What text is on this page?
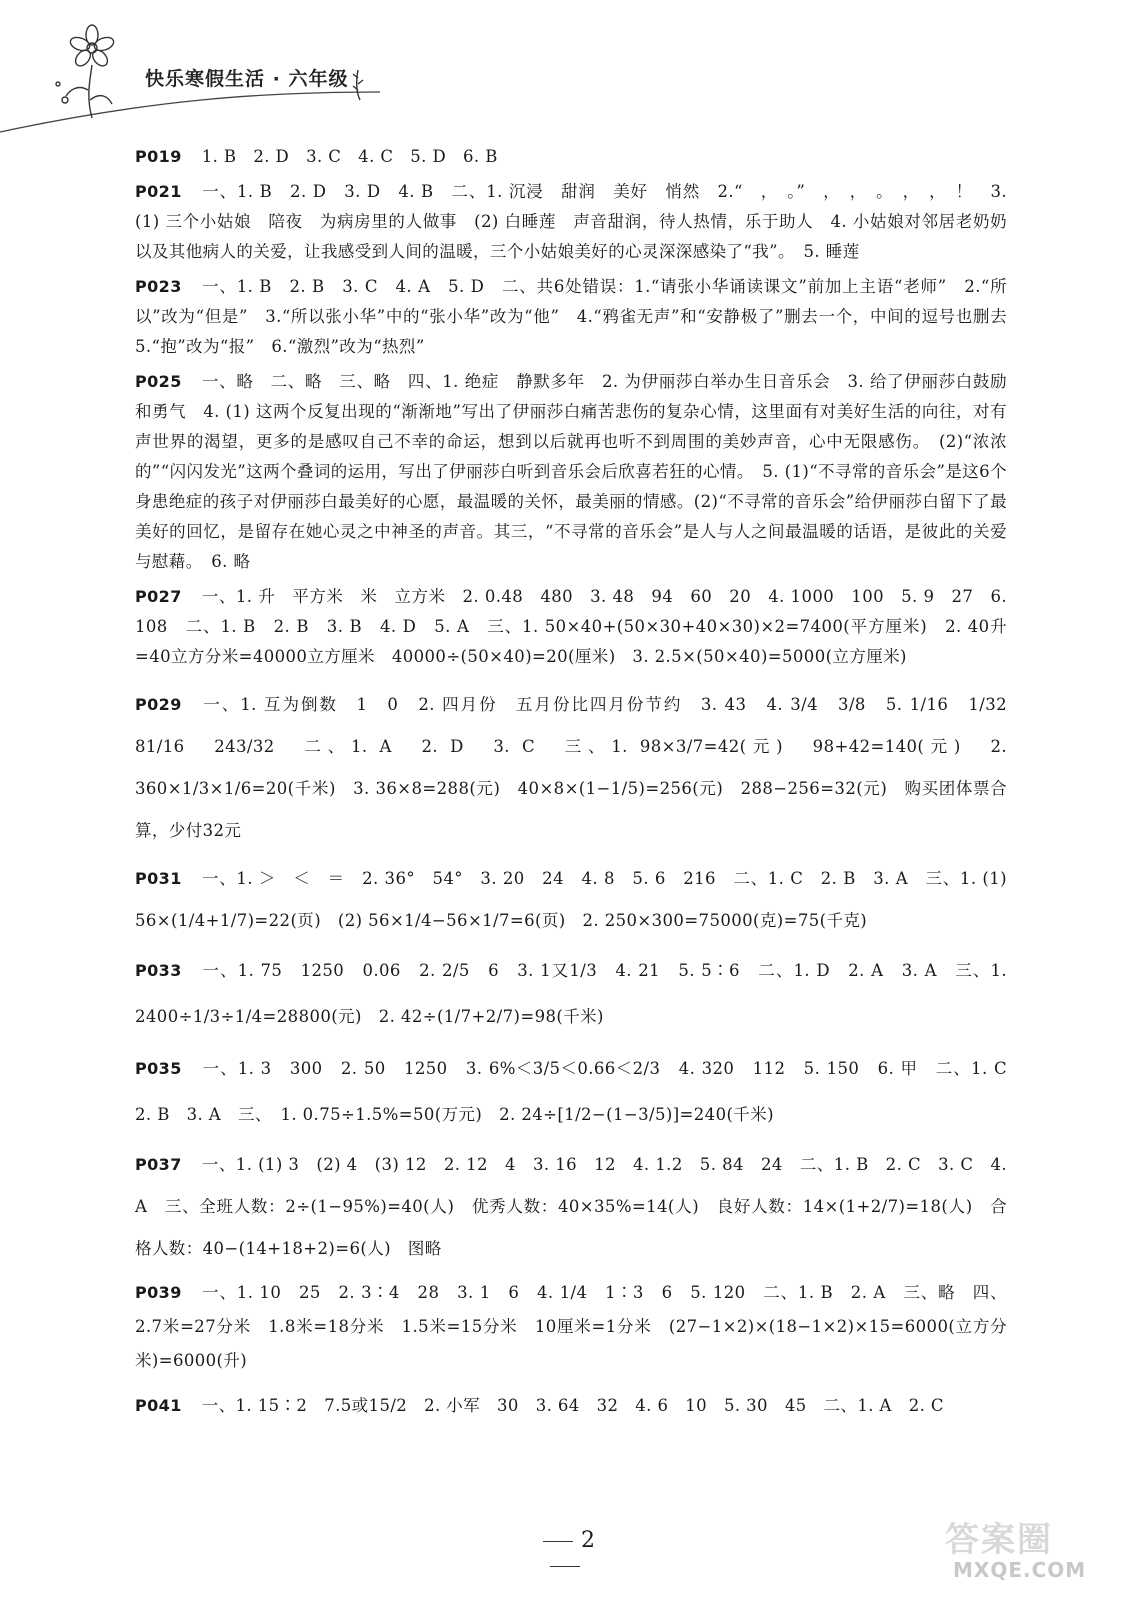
快乐寒假生活 · 六年级

P019 1. B　2. D　3. C　4. C　5. D　6. B

P021 一、1. B　2. D　3. D　4. B　二、1. 沉浸　甜润　美好　悄然　2.“　，　。”　，　，　。　，　，　！　3. (1) 三个小姑娘　陪夜　为病房里的人做事　(2) 白睡莲　声音甜润，待人热情，乐于助人　4. 小姑娘对邻居老奶奶以及其他病人的关爱，让我感受到人间的温暖，三个小姑娘美好的心灵深深感染了“我”。　5. 睡莲

P023 一、1. B　2. B　3. C　4. A　5. D　二、共6处错误：1.“请张小华诵读课文”前加上主语“老师”　2.“所以”改为“但是”　3.“所以张小华”中的“张小华”改为“他”　4.“鸦雀无声”和“安静极了”删去一个，中间的逗号也删去　5.“抱”改为“报”　6.“激烈”改为“热烈”

P025 一、略　二、略　三、略　四、1. 绝症　静默多年　2. 为伊丽莎白举办生日音乐会　3. 给了伊丽莎白鼓励和勇气　4. (1) 这两个反复出现的“渐渐地”写出了伊丽莎白痛苦悲伤的复杂心情，这里面有对美好生活的向往，对有声世界的渴望，更多的是感叹自己不幸的命运，想到以后就再也听不到周围的美妙声音，心中无限感伤。　(2)“浓浓的”“闪闪发光”这两个叠词的运用，写出了伊丽莎白听到音乐会后欣喜若狂的心情。　5. (1)“不寻常的音乐会”是这6个身患绝症的孩子对伊丽莎白最美好的心愿，最温暖的关怀，最美丽的情感。(2)“不寻常的音乐会”给伊丽莎白留下了最美好的回忆，是留存在她心灵之中神圣的声音。其三，“不寻常的音乐会”是人与人之间最温暖的话语，是彼此的关爱与慰藉。　6. 略

P027 一、1. 升　平方米　米　立方米　2. 0.48　480　3. 48　94　60　20　4. 1000　100　5. 9　27　6. 108　二、1. B　2. B　3. B　4. D　5. A　三、1. 50×40+(50×30+40×30)×2=7400(平方厘米)　2. 40升=40立方分米=40000立方厘米　40000÷(50×40)=20(厘米)　3. 2.5×(50×40)=5000(立方厘米)

P029 一、1. 互为倒数　1　0　2. 四月份　五月份比四月份节约　3. 43　4. 3/4　3/8　5. 1/16　1/32　81/16　243/32　二、1. A　2. D　3. C　三、1. 98×3/7=42(元)　98+42=140(元)　2. 360×1/3×1/6=20(千米)　3. 36×8=288(元)　40×8×(1−1/5)=256(元)　288−256=32(元)　购买团体票合算，少付32元

P031 一、1. ＞　＜　＝　2. 36°　54°　3. 20　24　4. 8　5. 6　216　二、1. C　2. B　3. A　三、1. (1) 56×(1/4+1/7)=22(页)　(2) 56×1/4−56×1/7=6(页)　2. 250×300=75000(克)=75(千克)

P033 一、1. 75　1250　0.06　2. 2/5　6　3. 1又1/3　4. 21　5. 5∶6　二、1. D　2. A　3. A　三、1. 2400÷1/3÷1/4=28800(元)　2. 42÷(1/7+2/7)=98(千米)

P035 一、1. 3　300　2. 50　1250　3. 6%＜3/5＜0.66＜2/3　4. 320　112　5. 150　6. 甲　二、1. C　2. B　3. A　三、　1. 0.75÷1.5%=50(万元)　2. 24÷[1/2−(1−3/5)]=240(千米)

P037 一、1. (1) 3　(2) 4　(3) 12　2. 12　4　3. 16　12　4. 1.2　5. 84　24　二、1. B　2. C　3. C　4. A　三、全班人数：2÷(1−95%)=40(人)　优秀人数：40×35%=14(人)　良好人数：14×(1+2/7)=18(人)　合格人数：40−(14+18+2)=6(人)　图略

P039 一、1. 10　25　2. 3∶4　28　3. 1　6　4. 1/4　1∶3　6　5. 120　二、1. B　2. A　三、略　四、2.7米=27分米　1.8米=18分米　1.5米=15分米　10厘米=1分米　(27−1×2)×(18−1×2)×15=6000(立方分米)=6000(升)

P041 一、1. 15∶2　7.5或15/2　2. 小军　30　3. 64　32　4. 6　10　5. 30　45　二、1. A　2. C

2	答案圈
MXQE.COM
